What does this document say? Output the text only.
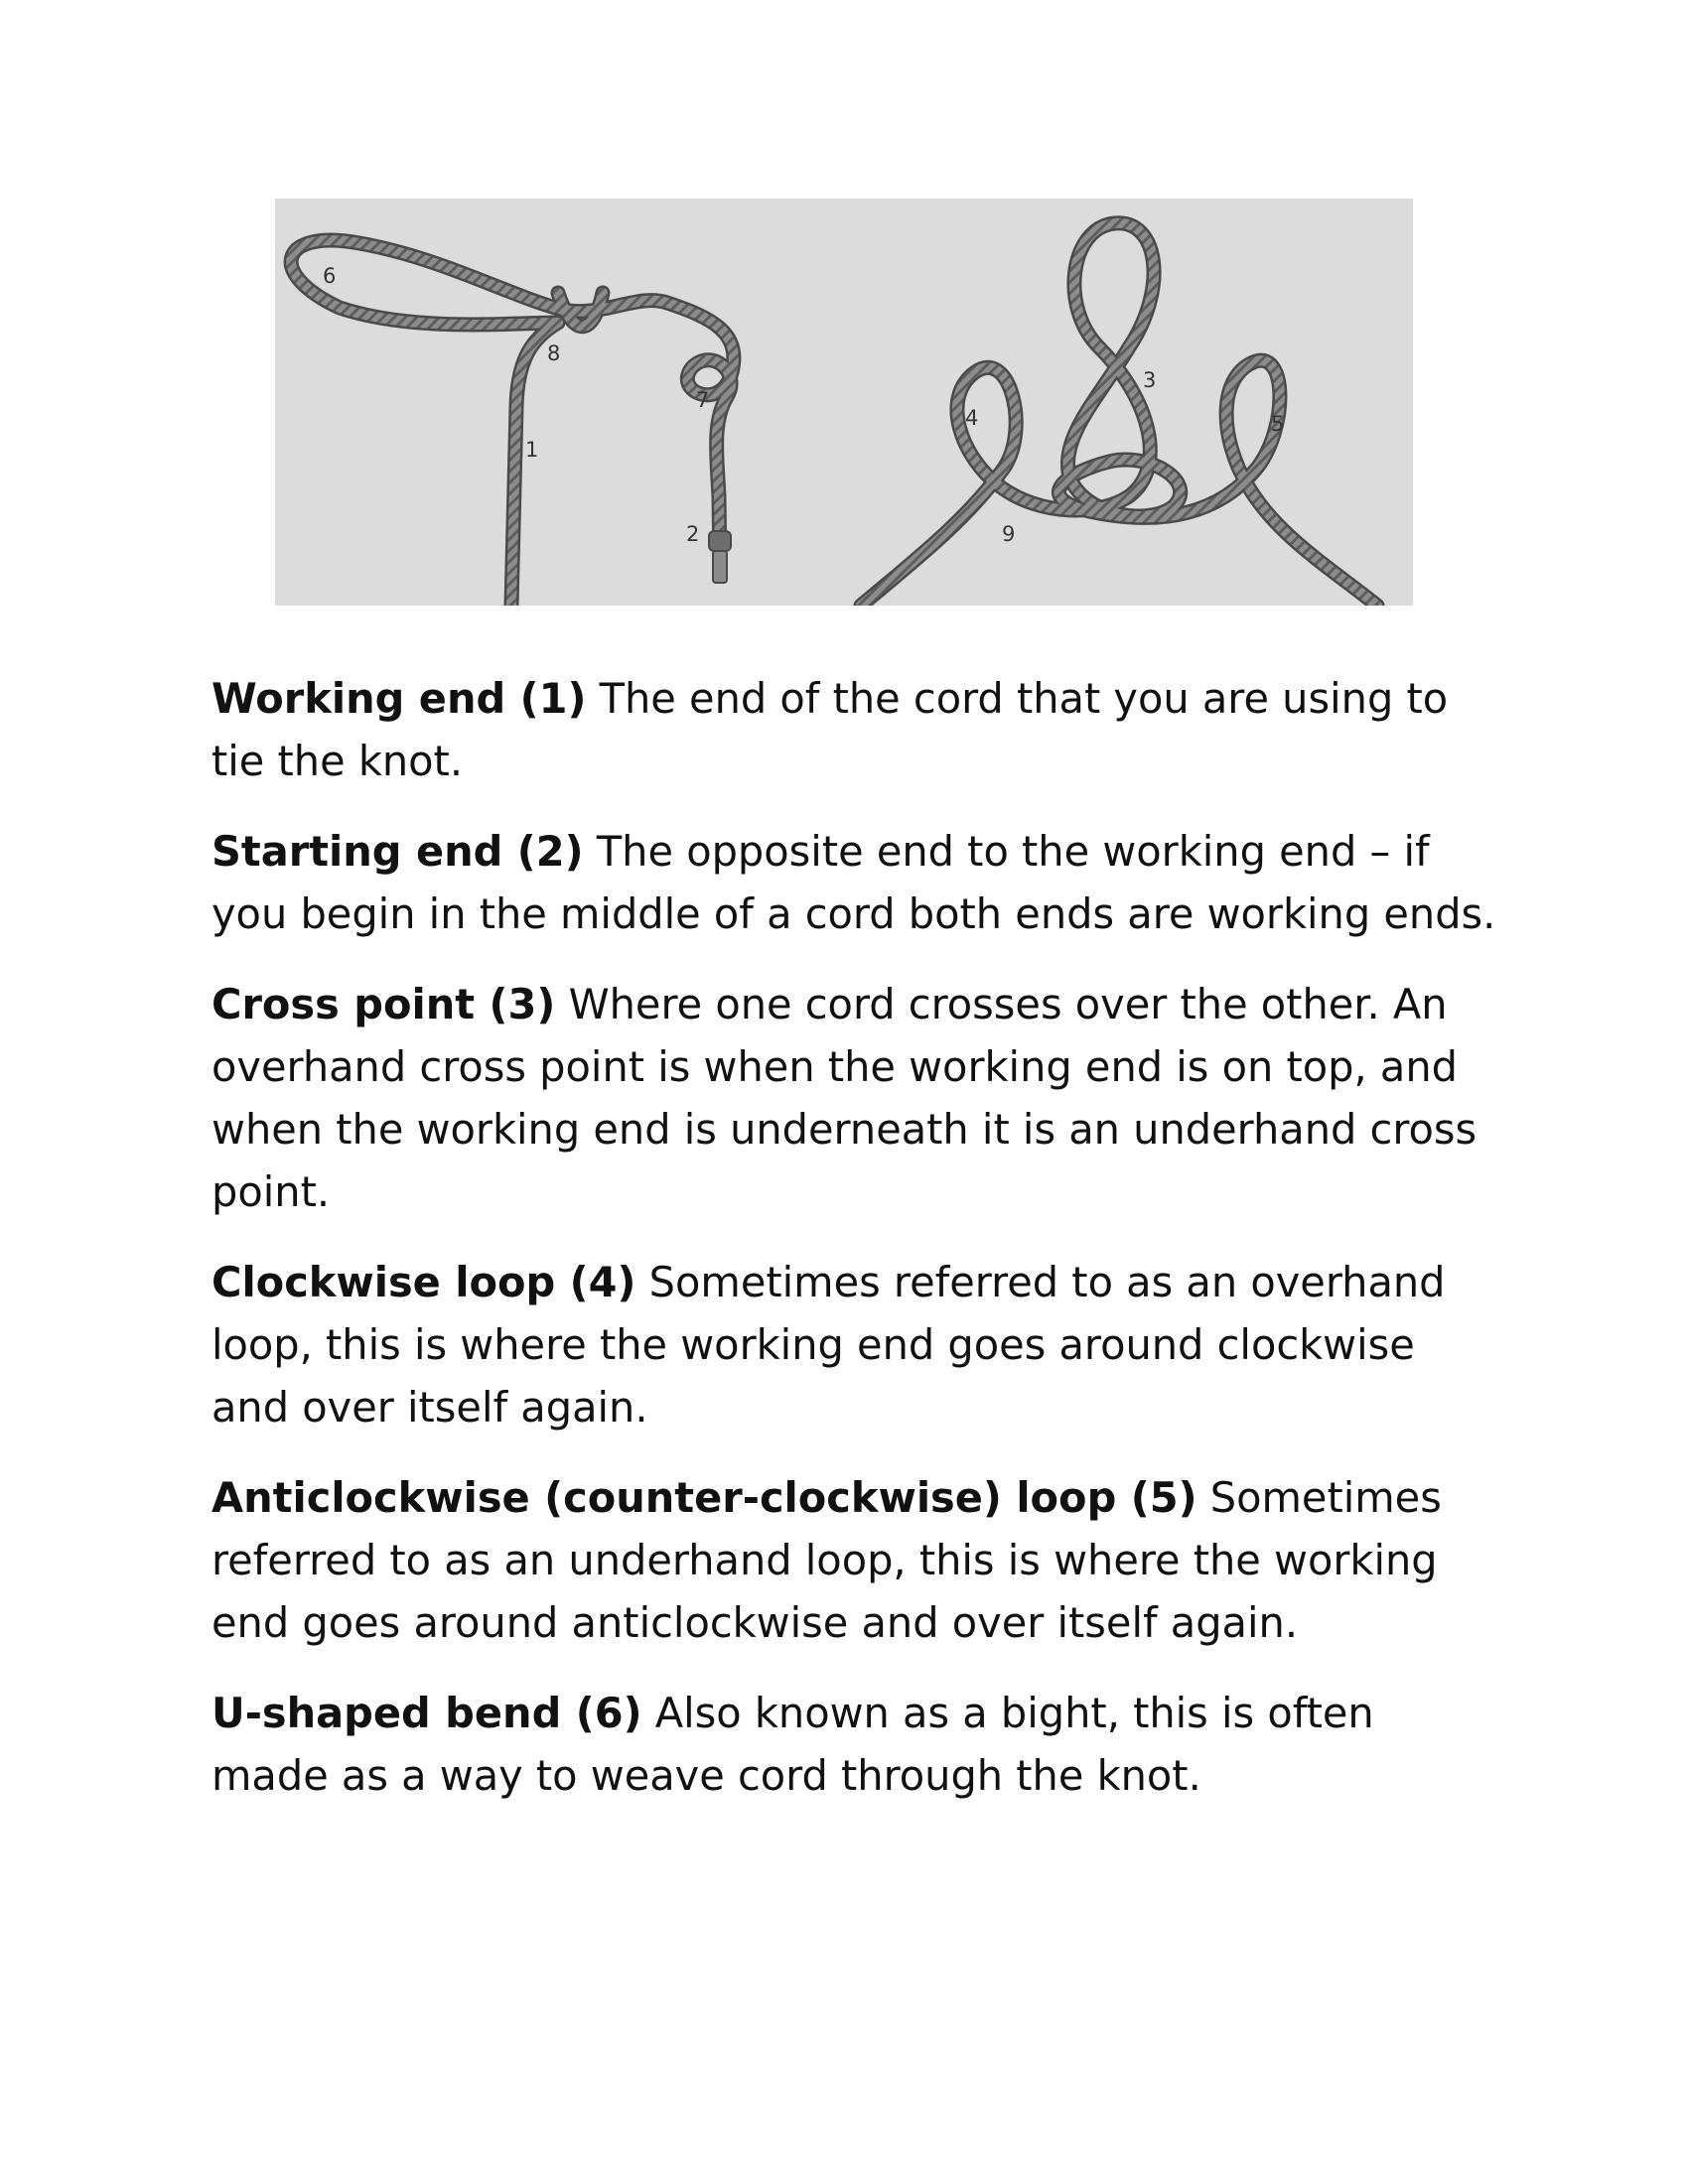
1
2
3
4	5
6
7
8
9

Working end (1) The end of the cord that you are using to tie the knot.

Starting end (2) The opposite end to the working end – if you begin in the middle of a cord both ends are working ends.

Cross point (3) Where one cord crosses over the other. An overhand cross point is when the working end is on top, and when the working end is underneath it is an underhand cross point.

Clockwise loop (4) Sometimes referred to as an overhand loop, this is where the working end goes around clockwise and over itself again.

Anticlockwise (counter-clockwise) loop (5) Sometimes referred to as an underhand loop, this is where the working end goes around anticlockwise and over itself again.

U-shaped bend (6) Also known as a bight, this is often made as a way to weave cord through the knot.
